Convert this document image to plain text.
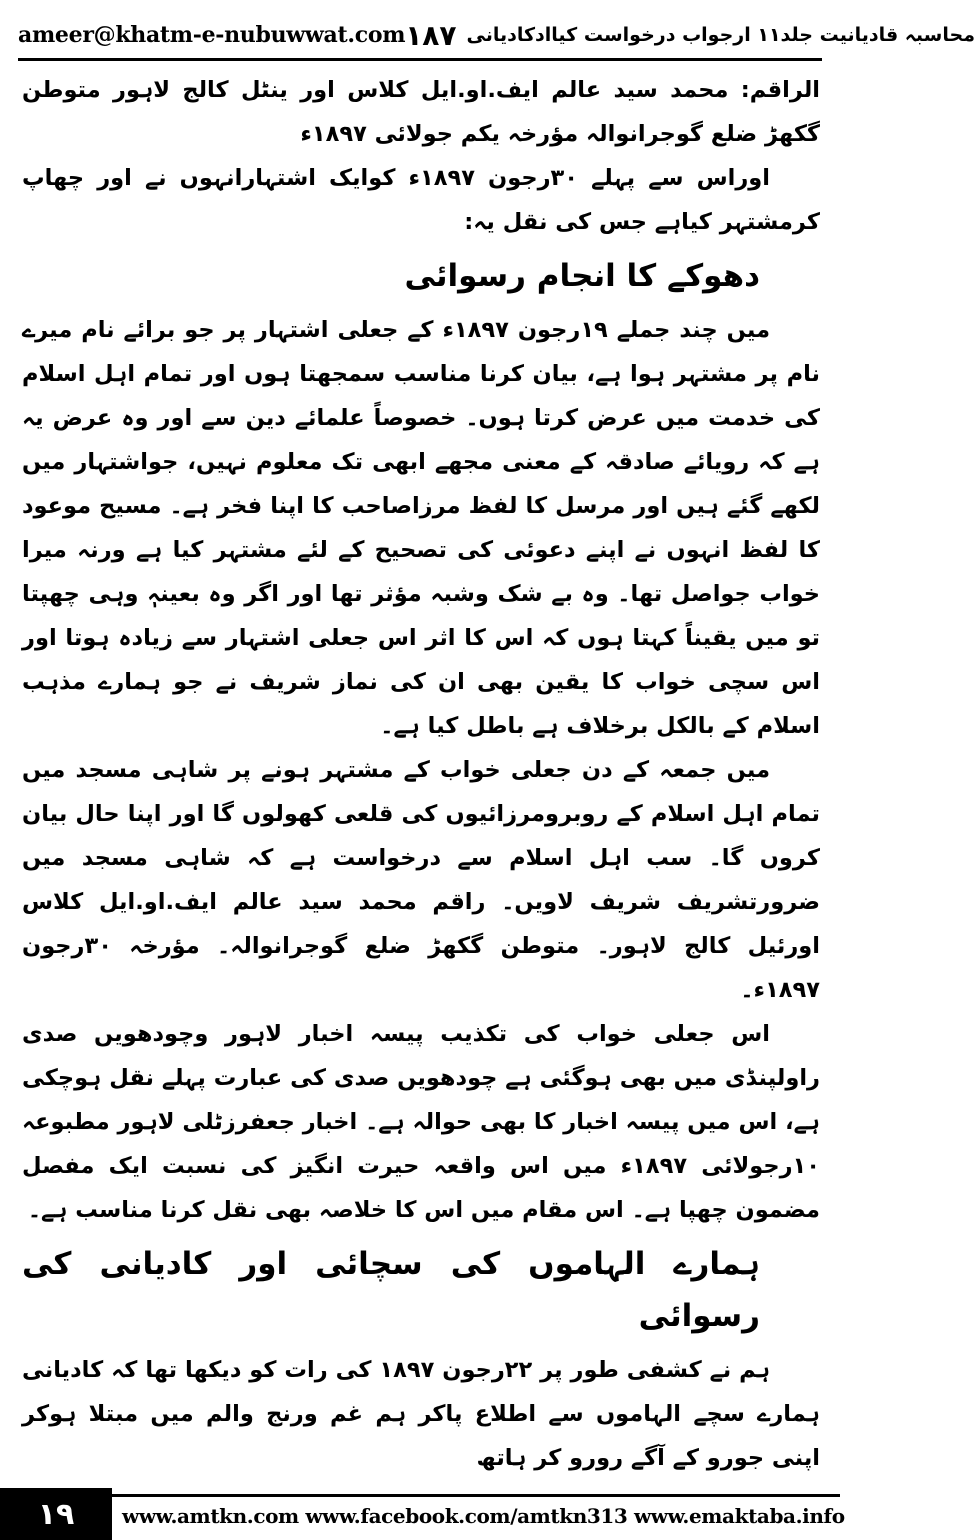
ameer@khatm-e-nubuwwat.com	محاسبہ قادیانیت جلد۱۱ ارجواب درخواست کیاادکادیانی
۱۸۷

الراقم: محمد سید عالم ایف.او.ایل کلاس اور ینٹل کالج لاہور متوطن گکھڑ ضلع گوجرانوالہ مؤرخہ یکم جولائی ۱۸۹۷ء

اوراس سے پہلے ۳۰رجون ۱۸۹۷ء کوایک اشتہارانہوں نے اور چھاپ کرمشتہر کیاہے جس کی نقل یہ:

دھوکے کا انجام رسوائی

میں چند جملے ۱۹رجون ۱۸۹۷ء کے جعلی اشتہار پر جو برائے نام میرے نام پر مشتہر ہوا ہے، بیان کرنا مناسب سمجھتا ہوں اور تمام اہل اسلام کی خدمت میں عرض کرتا ہوں۔ خصوصاً علمائے دین سے اور وہ عرض یہ ہے کہ رویائے صادقہ کے معنی مجھے ابھی تک معلوم نہیں، جواشتہار میں لکھے گئے ہیں اور مرسل کا لفظ مرزاصاحب کا اپنا فخر ہے۔ مسیح موعود کا لفظ انہوں نے اپنے دعوئی کی تصحیح کے لئے مشتہر کیا ہے ورنہ میرا خواب جواصل تھا۔ وہ بے شک وشبہ مؤثر تھا اور اگر وہ بعینہٖ وہی چھپتا تو میں یقیناً کہتا ہوں کہ اس کا اثر اس جعلی اشتہار سے زیادہ ہوتا اور اس سچی خواب کا یقین بھی ان کی نماز شریف نے جو ہمارے مذہب اسلام کے بالکل برخلاف ہے باطل کیا ہے۔

میں جمعہ کے دن جعلی خواب کے مشتہر ہونے پر شاہی مسجد میں تمام اہل اسلام کے روبرومرزائیوں کی قلعی کھولوں گا اور اپنا حال بیان کروں گا۔ سب اہل اسلام سے درخواست ہے کہ شاہی مسجد میں ضرورتشریف شریف لاویں۔ راقم محمد سید عالم ایف.او.ایل کلاس اورئیل کالج لاہور۔ متوطن گکھڑ ضلع گوجرانوالہ۔ مؤرخہ ۳۰رجون ۱۸۹۷ء۔

اس جعلی خواب کی تکذیب پیسہ اخبار لاہور وچودھویں صدی راولپنڈی میں بھی ہوگئی ہے چودھویں صدی کی عبارت پہلے نقل ہوچکی ہے، اس میں پیسہ اخبار کا بھی حوالہ ہے۔ اخبار جعفرزٹلی لاہور مطبوعہ ۱۰رجولائی ۱۸۹۷ء میں اس واقعہ حیرت انگیز کی نسبت ایک مفصل مضمون چھپا ہے۔ اس مقام میں اس کا خلاصہ بھی نقل کرنا مناسب ہے۔

ہمارے الہاموں کی سچائی اور کادیانی کی رسوائی

ہم نے کشفی طور پر ۲۲رجون ۱۸۹۷ کی رات کو دیکھا تھا کہ کادیانی ہمارے سچے الہاموں سے اطلاع پاکر ہم غم ورنج والم میں مبتلا ہوکر اپنی جورو کے آگے رورو کر ہاتھ

۱۹	www.amtkn.com www.facebook.com/amtkn313 www.emaktaba.info
